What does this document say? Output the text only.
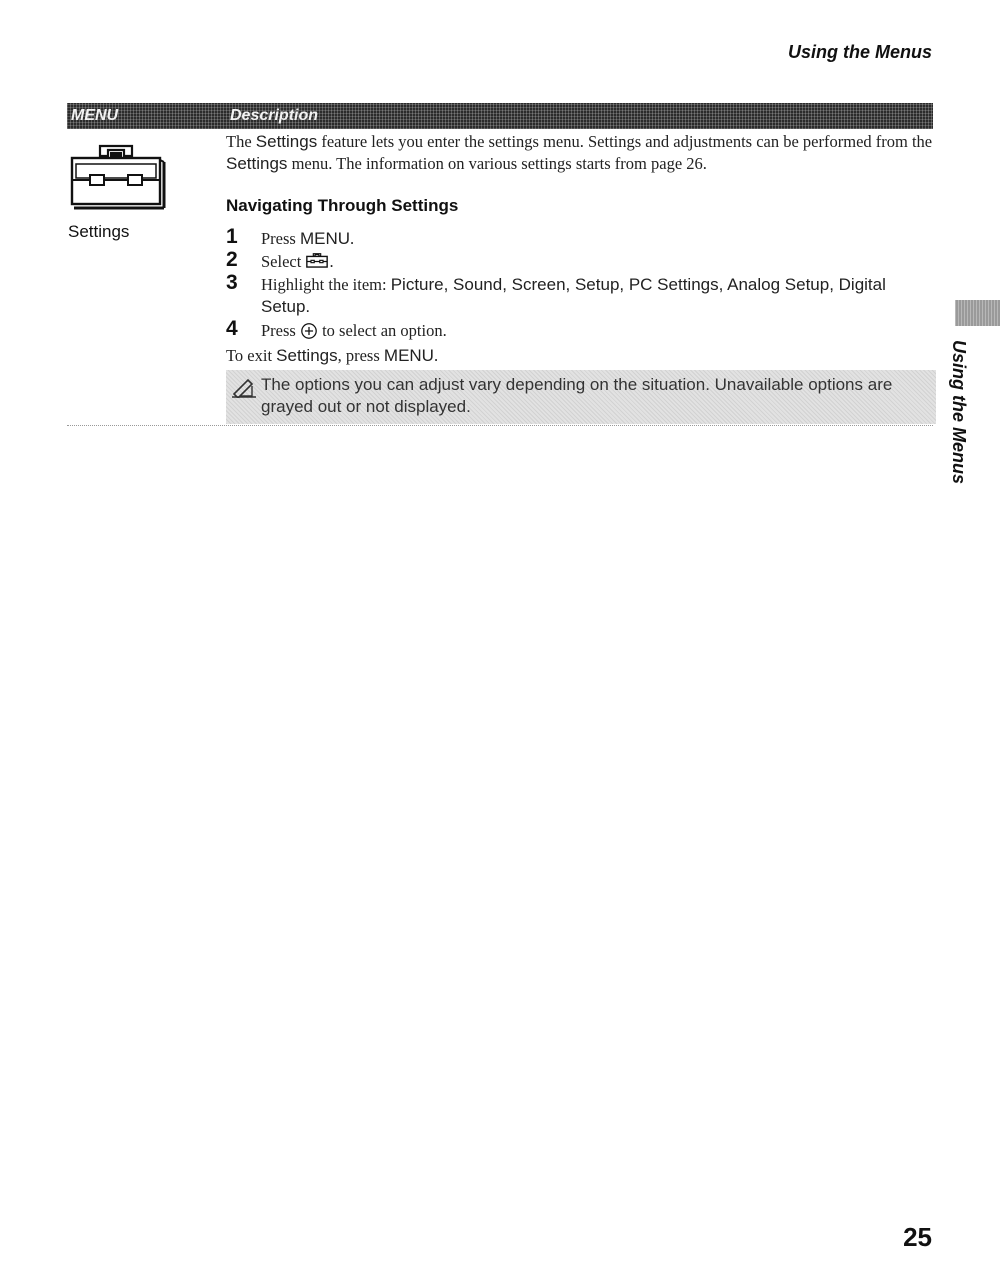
Using the Menus
MENU	Description
Settings
The Settings feature lets you enter the settings menu. Settings and adjustments can be performed from the Settings menu. The information on various settings starts from page 26.
Navigating Through Settings
1 Press MENU.
2 Select .
3 Highlight the item: Picture, Sound, Screen, Setup, PC Settings, Analog Setup, Digital Setup.
4 Press  to select an option.
To exit Settings, press MENU.
The options you can adjust vary depending on the situation. Unavailable options are grayed out or not displayed.	Using the Menus
25
